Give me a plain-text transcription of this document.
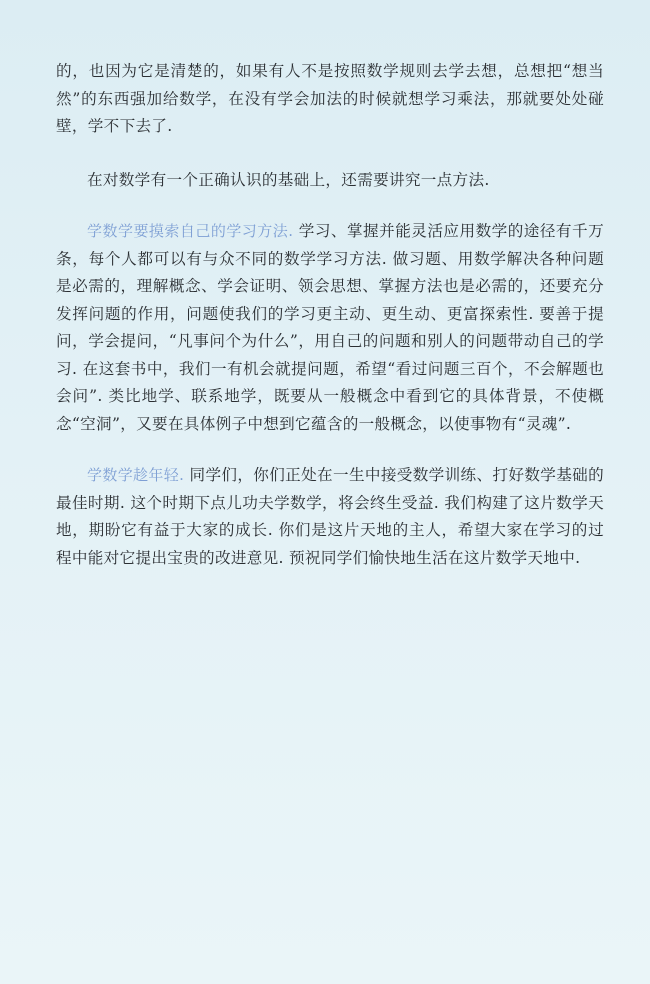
的，也因为它是清楚的，如果有人不是按照数学规则去学去想，总想把“想当然”的东西强加给数学，在没有学会加法的时候就想学习乘法，那就要处处碰壁，学不下去了.

在对数学有一个正确认识的基础上，还需要讲究一点方法.

学数学要摸索自己的学习方法. 学习、掌握并能灵活应用数学的途径有千万条，每个人都可以有与众不同的数学学习方法. 做习题、用数学解决各种问题是必需的，理解概念、学会证明、领会思想、掌握方法也是必需的，还要充分发挥问题的作用，问题使我们的学习更主动、更生动、更富探索性. 要善于提问，学会提问，“凡事问个为什么”，用自己的问题和别人的问题带动自己的学习. 在这套书中，我们一有机会就提问题，希望“看过问题三百个，不会解题也会问”. 类比地学、联系地学，既要从一般概念中看到它的具体背景，不使概念“空洞”，又要在具体例子中想到它蕴含的一般概念，以使事物有“灵魂”.

学数学趁年轻. 同学们，你们正处在一生中接受数学训练、打好数学基础的最佳时期. 这个时期下点儿功夫学数学，将会终生受益. 我们构建了这片数学天地，期盼它有益于大家的成长. 你们是这片天地的主人，希望大家在学习的过程中能对它提出宝贵的改进意见. 预祝同学们愉快地生活在这片数学天地中.
